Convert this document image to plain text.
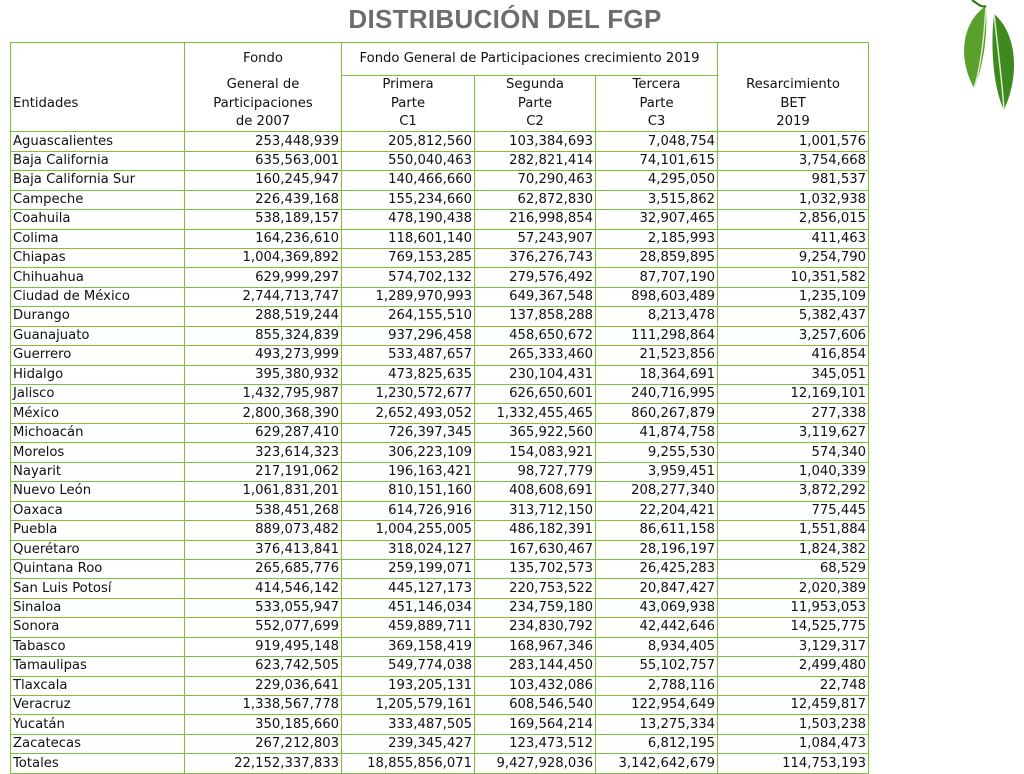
DISTRIBUCIÓN DEL FGP
	Fondo	Fondo General de Participaciones crecimiento 2019				
	General de	Primera	Segunda	Tercera	Resarcimiento	
Entidades	Participaciones	Parte	Parte	Parte	BET	
	de 2007	C1	C2	C3	2019	
Aguascalientes	253,448,939	205,812,560	103,384,693	7,048,754	1,001,576	
Baja California	635,563,001	550,040,463	282,821,414	74,101,615	3,754,668	
Baja California Sur	160,245,947	140,466,660	70,290,463	4,295,050	981,537	
Campeche	226,439,168	155,234,660	62,872,830	3,515,862	1,032,938	
Coahuila	538,189,157	478,190,438	216,998,854	32,907,465	2,856,015	
Colima	164,236,610	118,601,140	57,243,907	2,185,993	411,463	
Chiapas	1,004,369,892	769,153,285	376,276,743	28,859,895	9,254,790	
Chihuahua	629,999,297	574,702,132	279,576,492	87,707,190	10,351,582	
Ciudad de México	2,744,713,747	1,289,970,993	649,367,548	898,603,489	1,235,109	
Durango	288,519,244	264,155,510	137,858,288	8,213,478	5,382,437	
Guanajuato	855,324,839	937,296,458	458,650,672	111,298,864	3,257,606	
Guerrero	493,273,999	533,487,657	265,333,460	21,523,856	416,854	
Hidalgo	395,380,932	473,825,635	230,104,431	18,364,691	345,051	
Jalisco	1,432,795,987	1,230,572,677	626,650,601	240,716,995	12,169,101	
México	2,800,368,390	2,652,493,052	1,332,455,465	860,267,879	277,338	
Michoacán	629,287,410	726,397,345	365,922,560	41,874,758	3,119,627	
Morelos	323,614,323	306,223,109	154,083,921	9,255,530	574,340	
Nayarit	217,191,062	196,163,421	98,727,779	3,959,451	1,040,339	
Nuevo León	1,061,831,201	810,151,160	408,608,691	208,277,340	3,872,292	
Oaxaca	538,451,268	614,726,916	313,712,150	22,204,421	775,445	
Puebla	889,073,482	1,004,255,005	486,182,391	86,611,158	1,551,884	
Querétaro	376,413,841	318,024,127	167,630,467	28,196,197	1,824,382	
Quintana Roo	265,685,776	259,199,071	135,702,573	26,425,283	68,529	
San Luis Potosí	414,546,142	445,127,173	220,753,522	20,847,427	2,020,389	
Sinaloa	533,055,947	451,146,034	234,759,180	43,069,938	11,953,053	
Sonora	552,077,699	459,889,711	234,830,792	42,442,646	14,525,775	
Tabasco	919,495,148	369,158,419	168,967,346	8,934,405	3,129,317	
Tamaulipas	623,742,505	549,774,038	283,144,450	55,102,757	2,499,480	
Tlaxcala	229,036,641	193,205,131	103,432,086	2,788,116	22,748	
Veracruz	1,338,567,778	1,205,579,161	608,546,540	122,954,649	12,459,817	
Yucatán	350,185,660	333,487,505	169,564,214	13,275,334	1,503,238	
Zacatecas	267,212,803	239,345,427	123,473,512	6,812,195	1,084,473	
Totales	22,152,337,833	18,855,856,071	9,427,928,036	3,142,642,679	114,753,193	
